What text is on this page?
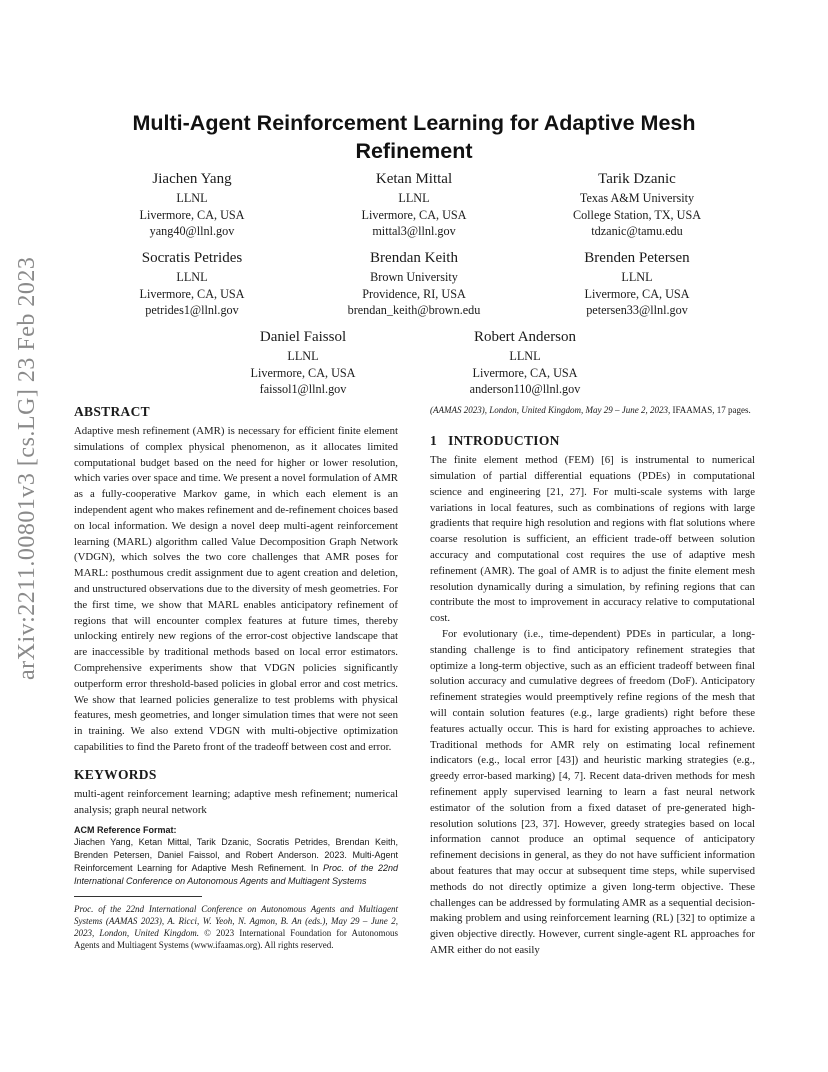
arXiv:2211.00801v3 [cs.LG] 23 Feb 2023
Multi-Agent Reinforcement Learning for Adaptive Mesh
Refinement
Jiachen Yang
LLNL
Livermore, CA, USA
yang40@llnl.gov
Ketan Mittal
LLNL
Livermore, CA, USA
mittal3@llnl.gov
Tarik Dzanic
Texas A&M University
College Station, TX, USA
tdzanic@tamu.edu
Socratis Petrides
LLNL
Livermore, CA, USA
petrides1@llnl.gov
Brendan Keith
Brown University
Providence, RI, USA
brendan_keith@brown.edu
Brenden Petersen
LLNL
Livermore, CA, USA
petersen33@llnl.gov
Daniel Faissol
LLNL
Livermore, CA, USA
faissol1@llnl.gov
Robert Anderson
LLNL
Livermore, CA, USA
anderson110@llnl.gov
ABSTRACT

Adaptive mesh refinement (AMR) is necessary for efficient finite element simulations of complex physical phenomenon, as it allocates limited computational budget based on the need for higher or lower resolution, which varies over space and time. We present a novel formulation of AMR as a fully-cooperative Markov game, in which each element is an independent agent who makes refinement and de-refinement choices based on local information. We design a novel deep multi-agent reinforcement learning (MARL) algorithm called Value Decomposition Graph Network (VDGN), which solves the two core challenges that AMR poses for MARL: posthumous credit assignment due to agent creation and deletion, and unstructured observations due to the diversity of mesh geometries. For the first time, we show that MARL enables anticipatory refinement of regions that will encounter complex features at future times, thereby unlocking entirely new regions of the error-cost objective landscape that are inaccessible by traditional methods based on local error estimators. Comprehensive experiments show that VDGN policies significantly outperform error threshold-based policies in global error and cost metrics. We show that learned policies generalize to test problems with physical features, mesh geometries, and longer simulation times that were not seen in training. We also extend VDGN with multi-objective optimization capabilities to find the Pareto front of the tradeoff between cost and error.

KEYWORDS

multi-agent reinforcement learning; adaptive mesh refinement; numerical analysis; graph neural network

ACM Reference Format:

Jiachen Yang, Ketan Mittal, Tarik Dzanic, Socratis Petrides, Brendan Keith, Brenden Petersen, Daniel Faissol, and Robert Anderson. 2023. Multi-Agent Reinforcement Learning for Adaptive Mesh Refinement. In Proc. of the 22nd International Conference on Autonomous Agents and Multiagent Systems

Proc. of the 22nd International Conference on Autonomous Agents and Multiagent Systems (AAMAS 2023), A. Ricci, W. Yeoh, N. Agmon, B. An (eds.), May 29 – June 2, 2023, London, United Kingdom. © 2023 International Foundation for Autonomous Agents and Multiagent Systems (www.ifaamas.org). All rights reserved.

(AAMAS 2023), London, United Kingdom, May 29 – June 2, 2023, IFAAMAS, 17 pages.

1   INTRODUCTION

The finite element method (FEM) [6] is instrumental to numerical simulation of partial differential equations (PDEs) in computational science and engineering [21, 27]. For multi-scale systems with large variations in local features, such as combinations of regions with large gradients that require high resolution and regions with flat solutions where coarse resolution is sufficient, an efficient trade-off between solution accuracy and computational cost requires the use of adaptive mesh refinement (AMR). The goal of AMR is to adjust the finite element mesh resolution dynamically during a simulation, by refining regions that can contribute the most to improvement in accuracy relative to computational cost.

For evolutionary (i.e., time-dependent) PDEs in particular, a long-standing challenge is to find anticipatory refinement strategies that optimize a long-term objective, such as an efficient tradeoff between final solution accuracy and cumulative degrees of freedom (DoF). Anticipatory refinement strategies would preemptively refine regions of the mesh that will contain solution features (e.g., large gradients) right before these features actually occur. This is hard for existing approaches to achieve. Traditional methods for AMR rely on estimating local refinement indicators (e.g., local error [43]) and heuristic marking strategies (e.g., greedy error-based marking) [4, 7]. Recent data-driven methods for mesh refinement apply supervised learning to learn a fast neural network estimator of the solution from a fixed dataset of pre-generated high-resolution solutions [23, 37]. However, greedy strategies based on local information cannot produce an optimal sequence of anticipatory refinement decisions in general, as they do not have sufficient information about features that may occur at subsequent time steps, while supervised methods do not directly optimize a given long-term objective. These challenges can be addressed by formulating AMR as a sequential decision-making problem and using reinforcement learning (RL) [32] to optimize a given objective directly. However, current single-agent RL approaches for AMR either do not easily
